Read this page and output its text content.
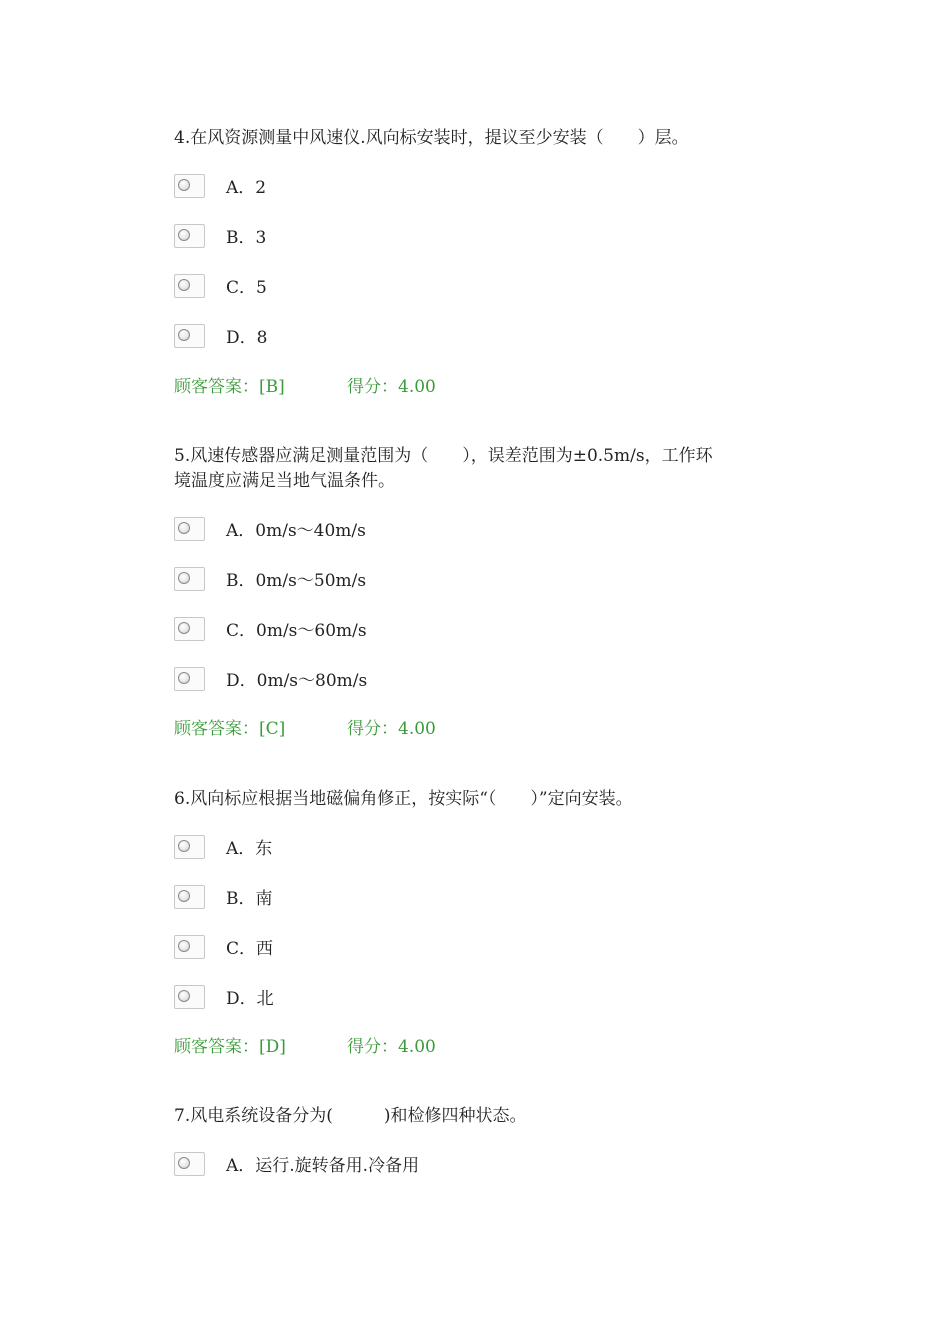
4.在风资源测量中风速仪.风向标安装时，提议至少安装（　　）层。

A．2
B．3
C．5
D．8
顾客答案：[B]	得分：4.00

5.风速传感器应满足测量范围为（　　），误差范围为±0.5m/s，工作环

境温度应满足当地气温条件。

A．0m/s～40m/s
B．0m/s～50m/s
C．0m/s～60m/s
D．0m/s～80m/s
顾客答案：[C]	得分：4.00

6.风向标应根据当地磁偏角修正，按实际“（　　）”定向安装。

A．东
B．南
C．西
D．北
顾客答案：[D]	得分：4.00

7.风电系统设备分为(　　　)和检修四种状态。

A．运行.旋转备用.冷备用
